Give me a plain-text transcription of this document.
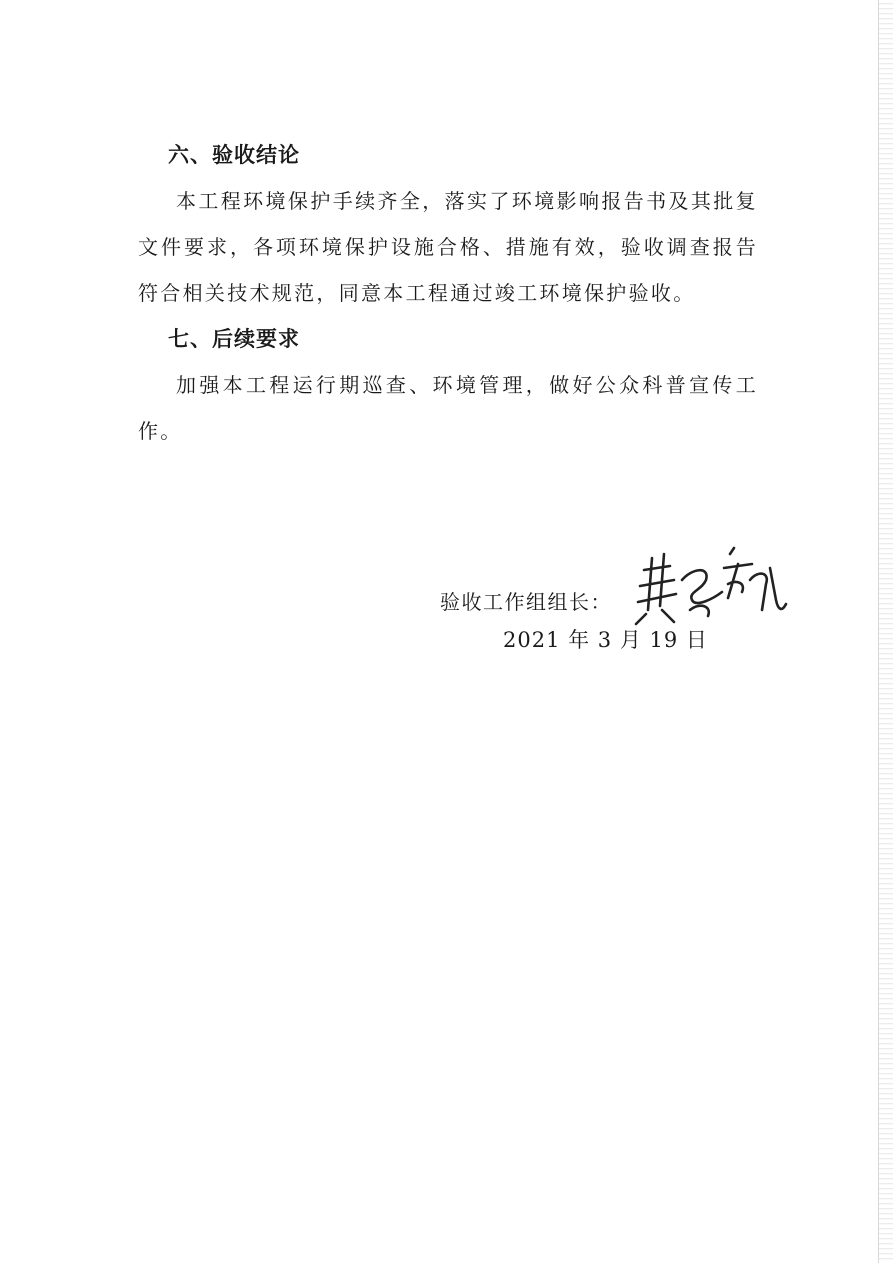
六、验收结论

本工程环境保护手续齐全，落实了环境影响报告书及其批复文件要求，各项环境保护设施合格、措施有效，验收调查报告符合相关技术规范，同意本工程通过竣工环境保护验收。

七、后续要求

加强本工程运行期巡查、环境管理，做好公众科普宣传工作。

验收工作组组长：
2021 年 3 月 19 日
